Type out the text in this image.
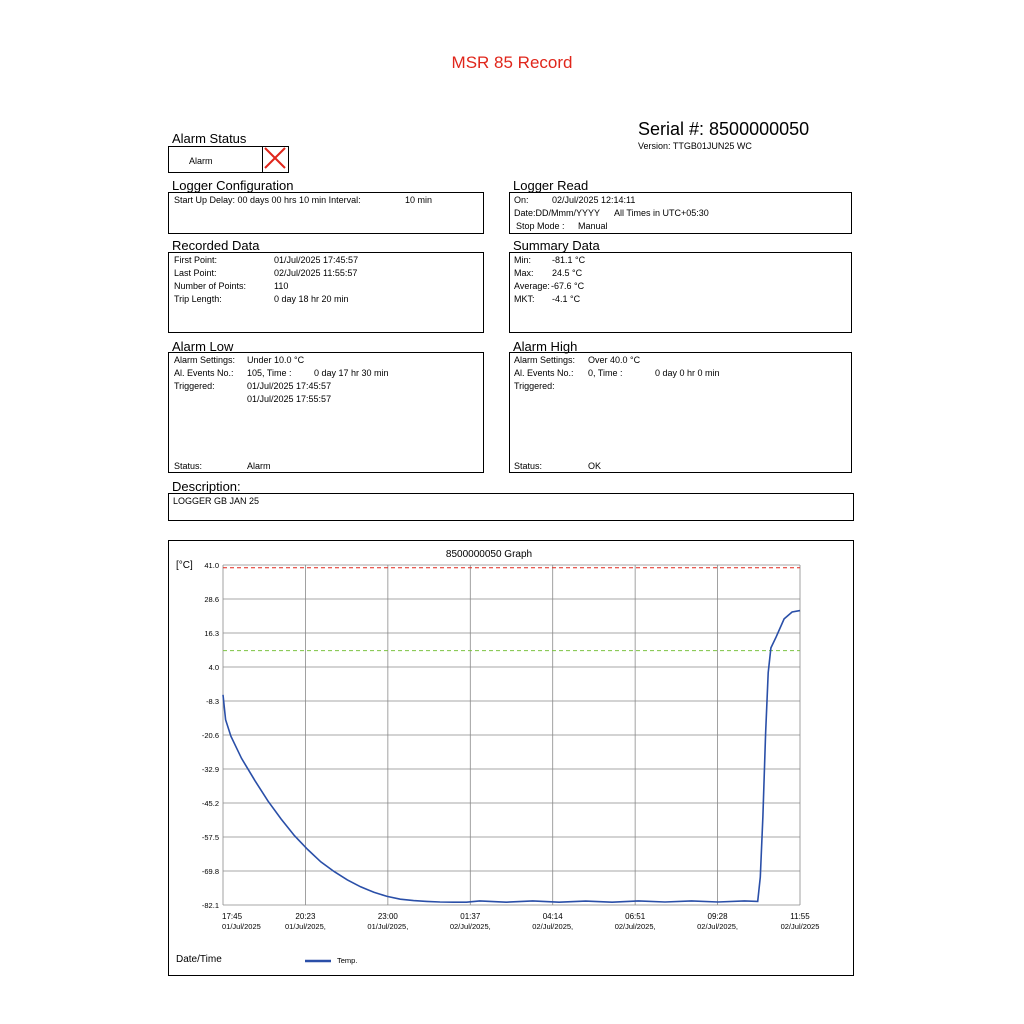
MSR 85 Record
Serial #: 8500000050
Version: TTGB01JUN25 WC
Alarm Status
Alarm
Logger Configuration
Start Up Delay: 00 days 00 hrs 10 min Interval:	10 min
Logger Read
On:	02/Jul/2025 12:14:11
Date:DD/Mmm/YYYY All Times in UTC+05:30
Stop Mode : Manual
Recorded Data
First Point:	01/Jul/2025 17:45:57
Last Point:	02/Jul/2025 11:55:57
Number of Points:	110
Trip Length:	0 day 18 hr 20 min
Summary Data
Min: -81.1 °C
Max: 24.5 °C
Average: -67.6 °C
MKT: -4.1 °C
Alarm Low
Alarm Settings: Under 10.0 °C
Al. Events No.: 105, Time : 0 day 17 hr 30 min
Triggered:	01/Jul/2025 17:45:57
01/Jul/2025 17:55:57
Status:	Alarm
Alarm High
Alarm Settings: Over 40.0 °C
Al. Events No.: 0, Time :	0 day 0 hr 0 min
Triggered:
Status:	OK
Description:
LOGGER GB JAN 25
41.0
28.6
16.3
4.0
-8.3
-20.6
-32.9
-45.2
-57.5
-69.8
-82.1
17:45
01/Jul/2025
20:23
01/Jul/2025,
23:00
01/Jul/2025,
01:37
02/Jul/2025,
04:14
02/Jul/2025,
06:51
02/Jul/2025,
09:28
02/Jul/2025,
11:55
02/Jul/2025
Temp.
8500000050 Graph
[°C]
Date/Time
